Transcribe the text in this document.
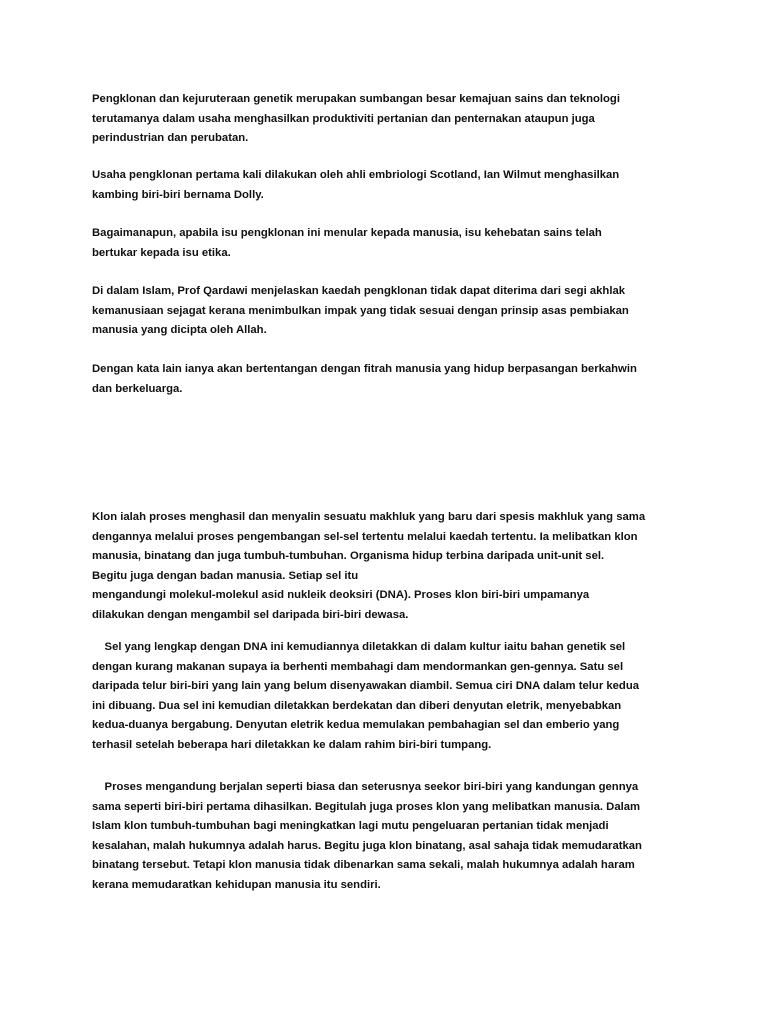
Pengklonan dan kejuruteraan genetik merupakan sumbangan besar kemajuan sains dan teknologi
terutamanya dalam usaha menghasilkan produktiviti pertanian dan penternakan ataupun juga
perindustrian dan perubatan.

Usaha pengklonan pertama kali dilakukan oleh ahli embriologi Scotland, Ian Wilmut menghasilkan
kambing biri-biri bernama Dolly.

Bagaimanapun, apabila isu pengklonan ini menular kepada manusia, isu kehebatan sains telah
bertukar kepada isu etika.

Di dalam Islam, Prof Qardawi menjelaskan kaedah pengklonan tidak dapat diterima dari segi akhlak
kemanusiaan sejagat kerana menimbulkan impak yang tidak sesuai dengan prinsip asas pembiakan
manusia yang dicipta oleh Allah.

Dengan kata lain ianya akan bertentangan dengan fitrah manusia yang hidup berpasangan berkahwin
dan berkeluarga.

Klon ialah proses menghasil dan menyalin sesuatu makhluk yang baru dari spesis makhluk yang sama
dengannya melalui proses pengembangan sel-sel tertentu melalui kaedah tertentu. Ia melibatkan klon
manusia, binatang dan juga tumbuh-tumbuhan. Organisma hidup terbina daripada unit-unit sel.
Begitu juga dengan badan manusia. Setiap sel itu
mengandungi molekul-molekul asid nukleik deoksiri (DNA). Proses klon biri-biri umpamanya
dilakukan dengan mengambil sel daripada biri-biri dewasa.

Sel yang lengkap dengan DNA ini kemudiannya diletakkan di dalam kultur iaitu bahan genetik sel
dengan kurang makanan supaya ia berhenti membahagi dam mendormankan gen-gennya. Satu sel
daripada telur biri-biri yang lain yang belum disenyawakan diambil. Semua ciri DNA dalam telur kedua
ini dibuang. Dua sel ini kemudian diletakkan berdekatan dan diberi denyutan eletrik, menyebabkan
kedua-duanya bergabung. Denyutan eletrik kedua memulakan pembahagian sel dan emberio yang
terhasil setelah beberapa hari diletakkan ke dalam rahim biri-biri tumpang.

Proses mengandung berjalan seperti biasa dan seterusnya seekor biri-biri yang kandungan gennya
sama seperti biri-biri pertama dihasilkan. Begitulah juga proses klon yang melibatkan manusia. Dalam
Islam klon tumbuh-tumbuhan bagi meningkatkan lagi mutu pengeluaran pertanian tidak menjadi
kesalahan, malah hukumnya adalah harus. Begitu juga klon binatang, asal sahaja tidak memudaratkan
binatang tersebut. Tetapi klon manusia tidak dibenarkan sama sekali, malah hukumnya adalah haram
kerana memudaratkan kehidupan manusia itu sendiri.
